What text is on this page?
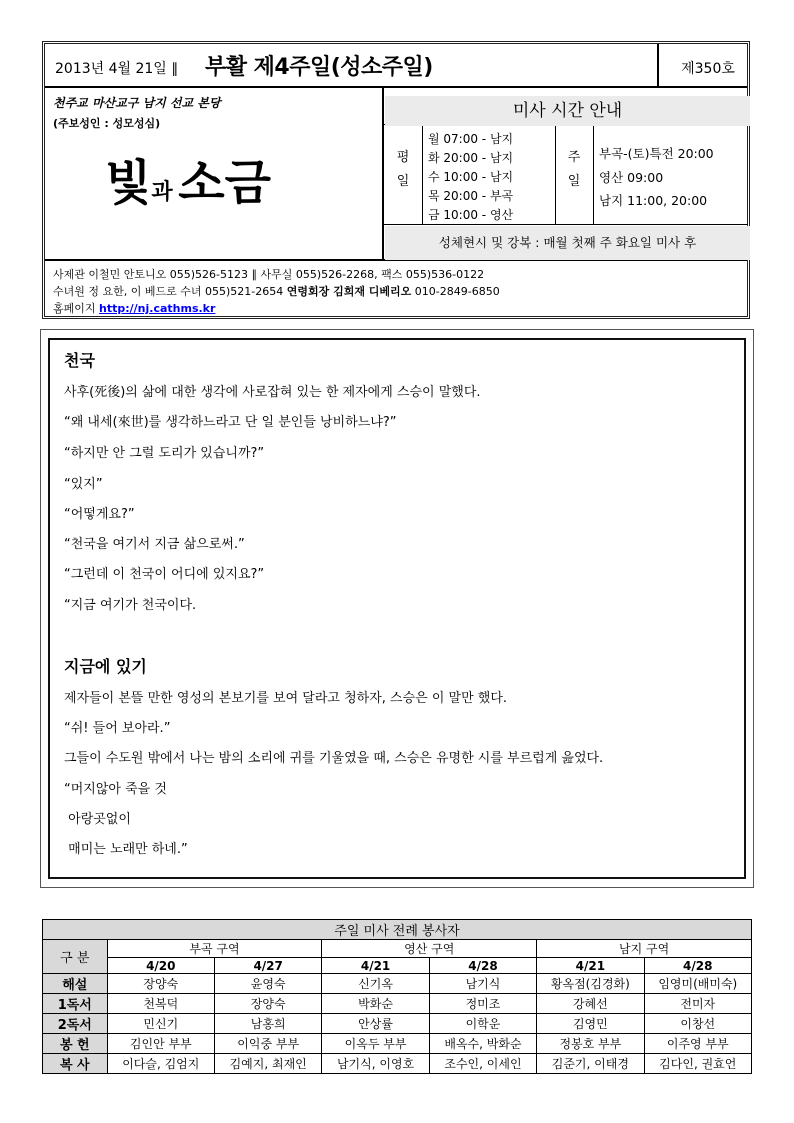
2013년 4월 21일 ∥ 부활 제4주일(성소주일)	제350호
천주교 마산교구 남지 선교 본당
(주보성인 : 성모성심)
빛과 소금
미사 시간 안내
평
일
월 07:00 - 남지
화 20:00 - 남지
수 10:00 - 남지
목 20:00 - 부곡
금 10:00 - 영산
주
일
부곡-(토)특전 20:00
영산 09:00
남지 11:00, 20:00
성체현시 및 강복 : 매월 첫째 주 화요일 미사 후
사제관 이철민 안토니오 055)526-5123 ∥ 사무실 055)526-2268, 팩스 055)536-0122
수녀원 정 요한, 이 베드로 수녀 055)521-2654 연령회장 김희재 디베리오 010-2849-6850
홈페이지 http://nj.cathms.kr
천국
사후(死後)의 삶에 대한 생각에 사로잡혀 있는 한 제자에게 스승이 말했다.
“왜 내세(來世)를 생각하느라고 단 일 분인들 낭비하느냐?”
“하지만 안 그럴 도리가 있습니까?”
“있지”
“어떻게요?”
“천국을 여기서 지금 삶으로써.”
“그런데 이 천국이 어디에 있지요?”
“지금 여기가 천국이다.
지금에 있기
제자들이 본뜰 만한 영성의 본보기를 보여 달라고 청하자, 스승은 이 말만 했다.
“쉬! 들어 보아라.”
그들이 수도원 밖에서 나는 밤의 소리에 귀를 기울였을 때, 스승은 유명한 시를 부르럽게 읊었다.
“머지않아 죽을 것
아랑곳없이
매미는 노래만 하네.”
주일 미사 전례 봉사자						
구 분	부곡 구역		영산 구역		남지 구역	
	4/20	4/27	4/21	4/28	4/21	4/28
해설	장양숙	윤영숙	신기옥	남기식	황옥점(김경화)	임영미(배미숙)
1독서	천복덕	장양숙	박화순	정미조	강혜선	전미자
2독서	민신기	남홍희	안상률	이학운	김영민	이창선
봉 헌	김인안 부부	이익중 부부	이옥두 부부	배옥수, 박화순	정봉호 부부	이주영 부부
복 사	이다슬, 김엄지	김예지, 최재인	남기식, 이영호	조수인, 이세인	김준기, 이태경	김다인, 권효언
